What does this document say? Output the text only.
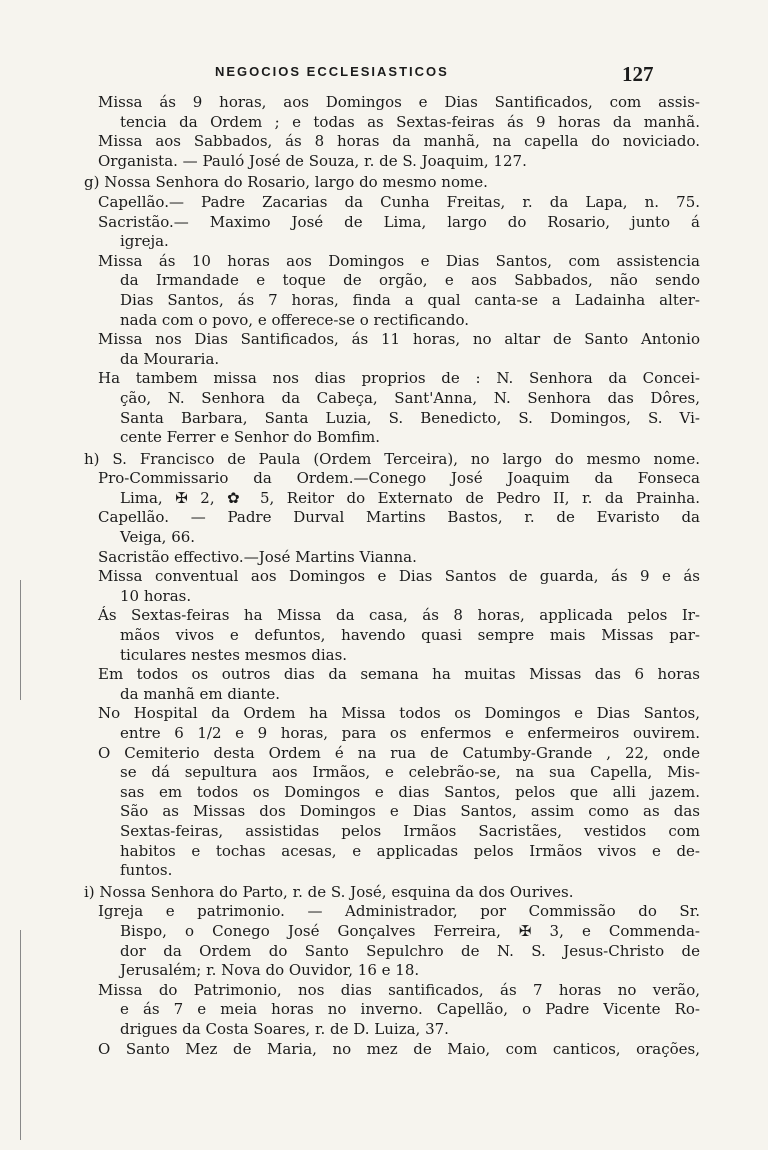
NEGOCIOS ECCLESIASTICOS	127
Missa ás 9 horas, aos Domingos e Dias Santificados, com assis-
tencia da Ordem ; e todas as Sextas-feiras ás 9 horas da manhã.
Missa aos Sabbados, ás 8 horas da manhã, na capella do noviciado.
Organista. — Pauló José de Souza, r. de S. Joaquim, 127.
g) Nossa Senhora do Rosario, largo do mesmo nome.
Capellão.— Padre Zacarias da Cunha Freitas, r. da Lapa, n. 75.
Sacristão.— Maximo José de Lima, largo do Rosario, junto á
igreja.
Missa ás 10 horas aos Domingos e Dias Santos, com assistencia
da Irmandade e toque de orgão, e aos Sabbados, não sendo
Dias Santos, ás 7 horas, finda a qual canta-se a Ladainha alter-
nada com o povo, e offerece-se o rectificando.
Missa nos Dias Santificados, ás 11 horas, no altar de Santo Antonio
da Mouraria.
Ha tambem missa nos dias proprios de : N. Senhora da Concei-
ção, N. Senhora da Cabeça, Sant'Anna, N. Senhora das Dôres,
Santa Barbara, Santa Luzia, S. Benedicto, S. Domingos, S. Vi-
cente Ferrer e Senhor do Bomfim.
h) S. Francisco de Paula (Ordem Terceira), no largo do mesmo nome.
Pro-Commissario da Ordem.—Conego José Joaquim da Fonseca
Lima, ✠ 2, ✿ 5, Reitor do Externato de Pedro II, r. da Prainha.
Capellão. — Padre Durval Martins Bastos, r. de Evaristo da
Veiga, 66.
Sacristão effectivo.—José Martins Vianna.
Missa conventual aos Domingos e Dias Santos de guarda, ás 9 e ás
10 horas.
Ás Sextas-feiras ha Missa da casa, ás 8 horas, applicada pelos Ir-
mãos vivos e defuntos, havendo quasi sempre mais Missas par-
ticulares nestes mesmos dias.
Em todos os outros dias da semana ha muitas Missas das 6 horas
da manhã em diante.
No Hospital da Ordem ha Missa todos os Domingos e Dias Santos,
entre 6 1/2 e 9 horas, para os enfermos e enfermeiros ouvirem.
O Cemiterio desta Ordem é na rua de Catumby-Grande , 22, onde
se dá sepultura aos Irmãos, e celebrão-se, na sua Capella, Mis-
sas em todos os Domingos e dias Santos, pelos que alli jazem.
São as Missas dos Domingos e Dias Santos, assim como as das
Sextas-feiras, assistidas pelos Irmãos Sacristães, vestidos com
habitos e tochas acesas, e applicadas pelos Irmãos vivos e de-
funtos.
i) Nossa Senhora do Parto, r. de S. José, esquina da dos Ourives.
Igreja e patrimonio. — Administrador, por Commissão do Sr.
Bispo, o Conego José Gonçalves Ferreira, ✠ 3, e Commenda-
dor da Ordem do Santo Sepulchro de N. S. Jesus-Christo de
Jerusalém; r. Nova do Ouvidor, 16 e 18.
Missa do Patrimonio, nos dias santificados, ás 7 horas no verão,
e ás 7 e meia horas no inverno. Capellão, o Padre Vicente Ro-
drigues da Costa Soares, r. de D. Luiza, 37.
O Santo Mez de Maria, no mez de Maio, com canticos, orações,
